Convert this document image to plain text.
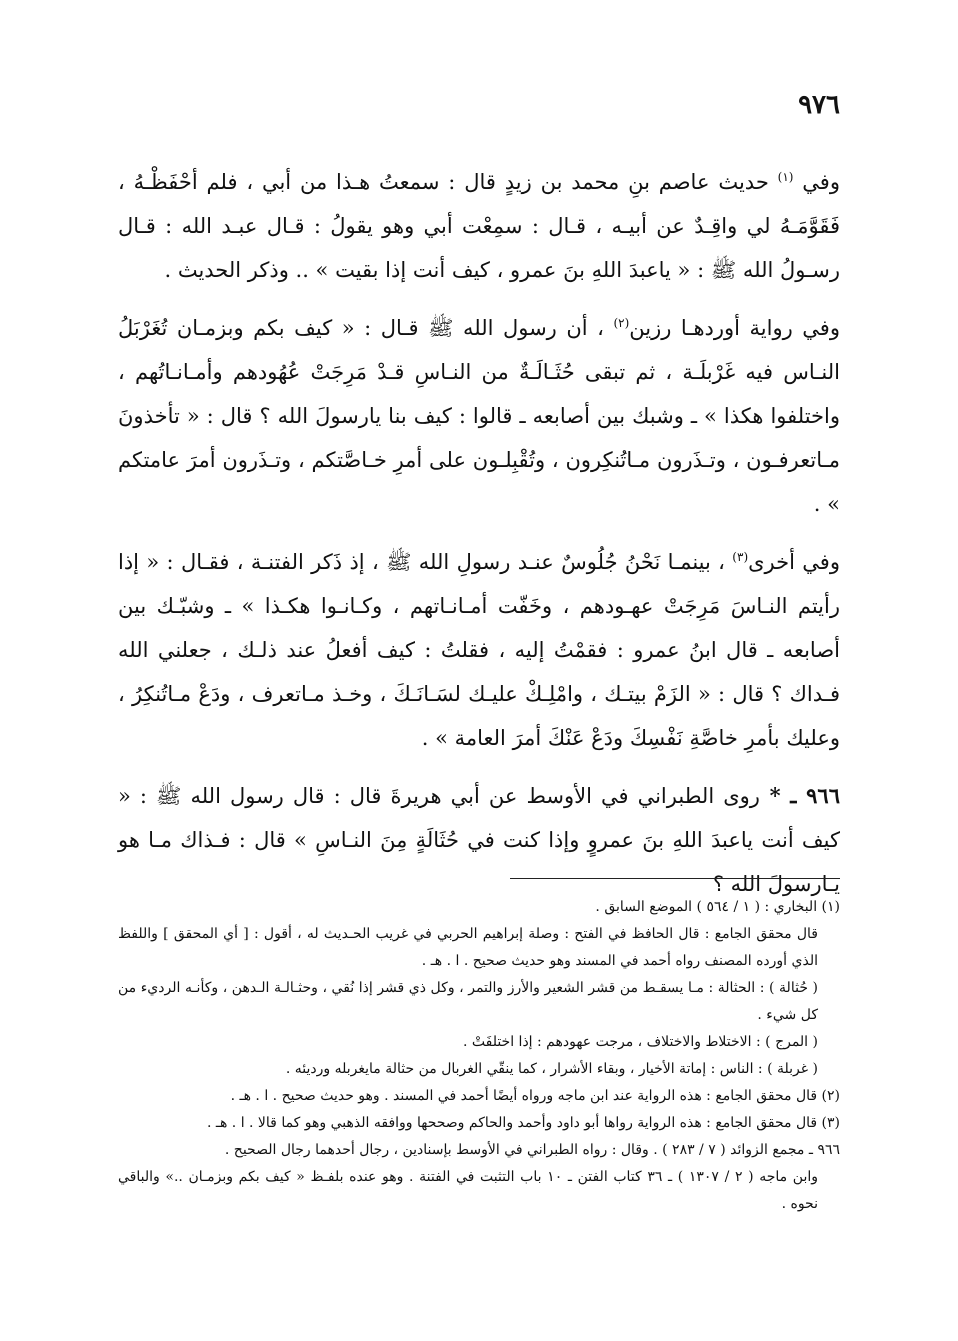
٩٧٦

وفي $^{(١)}$ حديث عاصم بنِ محمد بن زيدٍ قال : سمعتُ هـذا من أبي ، فلم أحْفَظْـهُ ، فَقَوَّمَـهُ لي واقِـدٌ عن أبيـه ، قـال : سمِعْت أبي وهو يقولُ : قـال عبـد الله : قـال رسـولُ الله ﷺ : « ياعبدَ اللهِ بنَ عمرو ، كيف أنت إذا بقيت » .. وذكر الحديث .

وفي رواية أوردهـا رزين$^{(٢)}$ ، أن رسول الله ﷺ قـال : « كيف بكم وبزمـان تُغَرْبَلُ النـاس فيه غَرْبلَـة ، ثم تبقى حُثَـالَـةٌ من النـاسِ قـدْ مَرِجَتْ عُهُودهم وأمـانـاتُهم ، واختلفوا هكذا » ـ وشبك بين أصابعه ـ قالوا : كيف بنا يارسولَ الله ؟ قال : « تأخذونَ مـاتعرفـون ، وتـذَرون مـاتُنكِرون ، وتُقْبِلـون على أمرِ خـاصَّتكم ، وتـذَرون أمرَ عامتكم » .

وفي أخرى$^{(٣)}$ ، بينمـا نَحْنُ جُلُوسٌ عنـد رسولِ الله ﷺ ، إذ ذَكر الفتنـة ، فقـال : « إذا رأيتم النـاسَ مَرِجَتْ عهـودهم ، وخَفّت أمـانـاتهم ، وكـانـوا هكـذا » ـ وشبّـك بين أصابعه ـ قال ابنُ عمرو : فقمْتُ إليه ، فقلتُ : كيف أفعلُ عند ذلـك ، جعلني الله فـداك ؟ قال : « الزَمْ بيتـك ، وامْلِـكْ عليـك لسَـانَـكَ ، وخـذ مـاتعرف ، ودَعْ مـاتُنكِرُ ، وعليك بأمرِ خاصَّةِ نَفْسِكَ ودَعْ عَنْكَ أمرَ العامة » .

٩٦٦ ـ * روى الطبراني في الأوسط عن أبي هريرةَ قال : قال رسول الله ﷺ : « كيف أنت ياعبدَ اللهِ بنَ عمروٍ وإذا كنت في حُثَالَةٍ مِنَ النـاسِ » قال : فـذاك مـا هو يـارسولَ الله ؟

(١) البخاري : ( ١ / ٥٦٤ ) الموضع السابق .

قال محقق الجامع : قال الحافظ في الفتح : وصلة إبراهيم الحربي في غريب الحـديث له ، أقول : [ أي المحقق ] واللفظ الذي أورده المصنف رواه أحمد في المسند وهو حديث صحيح . ا . هـ .

( حُثالة ) : الحثالة : مـا يسقـط من قشر الشعير والأرز والتمر ، وكل ذي قشر إذا نُقي ، وحثـالـة الـدهن ، وكأنـه الرديء من كل شيء .

( المرج ) : الاختلاط والاختلاف ، مرجت عهودهم : إذا اختلفَتْ .

( غربلة ) : الناس : إماتة الأخيار ، وبقاء الأشرار ، كما ينقّي الغربال من حثالة مايغربله ورديئه .

(٢) قال محقق الجامع : هذه الرواية عند ابن ماجه ورواه أيضًا أحمد في المسند . وهو حديث صحيح . ا . هـ .

(٣) قال محقق الجامع : هذه الرواية رواها أبو داود وأحمد والحاكم وصححها ووافقه الذهبي وهو كما قالا . ا . هـ .

٩٦٦ ـ مجمع الزوائد ( ٧ / ٢٨٣ ) . وقال : رواه الطبراني في الأوسط بإسنادين ، رجال أحدهما رجال الصحيح .

وابن ماجه ( ٢ / ١٣٠٧ ) ـ ٣٦ كتاب الفتن ـ ١٠ باب التثبت في الفتنة . وهو عنده بلفـظ « كيف بكم وبزمـان ..» والباقي نحوه .
